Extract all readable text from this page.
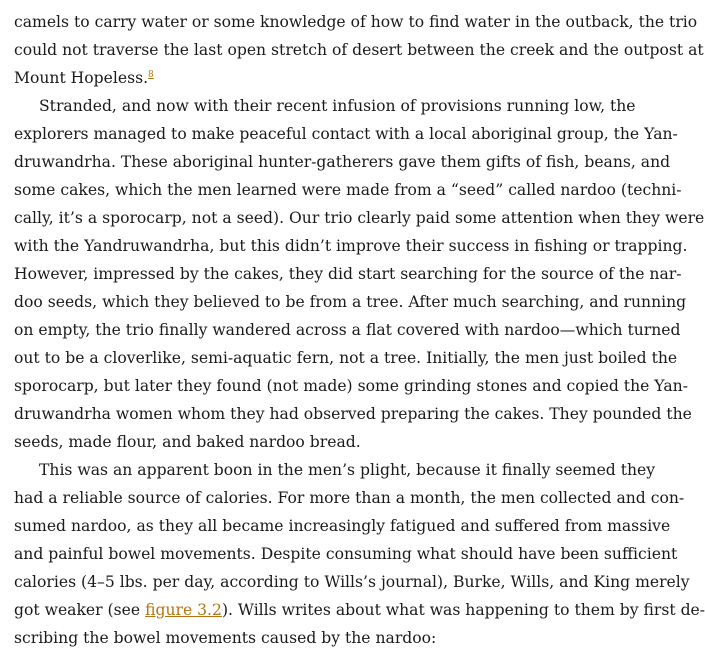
camels to carry water or some knowledge of how to find water in the outback, the trio
could not traverse the last open stretch of desert between the creek and the outpost at
Mount Hopeless.$^8$
Stranded, and now with their recent infusion of provisions running low, the
explorers managed to make peaceful contact with a local aboriginal group, the Yan-
druwandrha. These aboriginal hunter-gatherers gave them gifts of fish, beans, and
some cakes, which the men learned were made from a “seed” called nardoo (techni-
cally, it’s a sporocarp, not a seed). Our trio clearly paid some attention when they were
with the Yandruwandrha, but this didn’t improve their success in fishing or trapping.
However, impressed by the cakes, they did start searching for the source of the nar-
doo seeds, which they believed to be from a tree. After much searching, and running
on empty, the trio finally wandered across a flat covered with nardoo—which turned
out to be a cloverlike, semi-aquatic fern, not a tree. Initially, the men just boiled the
sporocarp, but later they found (not made) some grinding stones and copied the Yan-
druwandrha women whom they had observed preparing the cakes. They pounded the
seeds, made flour, and baked nardoo bread.
This was an apparent boon in the men’s plight, because it finally seemed they
had a reliable source of calories. For more than a month, the men collected and con-
sumed nardoo, as they all became increasingly fatigued and suffered from massive
and painful bowel movements. Despite consuming what should have been sufficient
calories (4–5 lbs. per day, according to Wills’s journal), Burke, Wills, and King merely
got weaker (see figure 3.2). Wills writes about what was happening to them by first de-
scribing the bowel movements caused by the nardoo:
